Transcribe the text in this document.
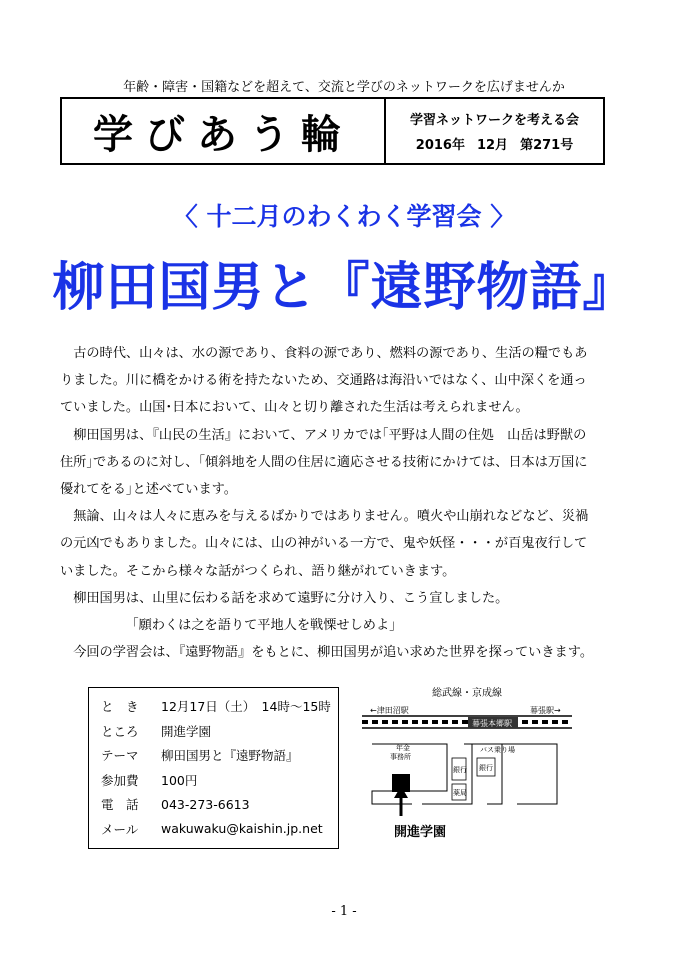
年齢・障害・国籍などを超えて、交流と学びのネットワークを広げませんか
学びあう輪	学習ネットワークを考える会
2016年 12月 第271号
〈 十二月のわくわく学習会 〉
柳田国男と『遠野物語』

古の時代、山々は、水の源であり、食料の源であり、燃料の源であり、生活の糧でもあ

りました。川に橋をかける術を持たないため、交通路は海沿いではなく、山中深くを通っ

ていました。山国･日本において、山々と切り離された生活は考えられません。

柳田国男は、『山民の生活』において、アメリカでは｢平野は人間の住処　山岳は野獣の

住所｣であるのに対し、｢傾斜地を人間の住居に適応させる技術にかけては、日本は万国に

優れてをる｣と述べています。

無論、山々は人々に恵みを与えるばかりではありません。噴火や山崩れなどなど、災禍

の元凶でもありました。山々には、山の神がいる一方で、鬼や妖怪・・・が百鬼夜行して

いました。そこから様々な話がつくられ、語り継がれていきます。

柳田国男は、山里に伝わる話を求めて遠野に分け入り、こう宣しました。

｢願わくは之を語りて平地人を戦慄せしめよ｣

今回の学習会は、『遠野物語』をもとに、柳田国男が追い求めた世界を探っていきます。

と　き	12月17日（土）　14時～15時
ところ	開進学園
テーマ	柳田国男と『遠野物語』
参加費	100円
電　話	043-273-6613
メール	wakuwaku@kaishin.jp.net
総武線・京成線
←津田沼駅	幕張駅→
幕張本郷駅
銀行
薬局
銀行
年金
事務所
バス乗り場
開進学園
- 1 -
